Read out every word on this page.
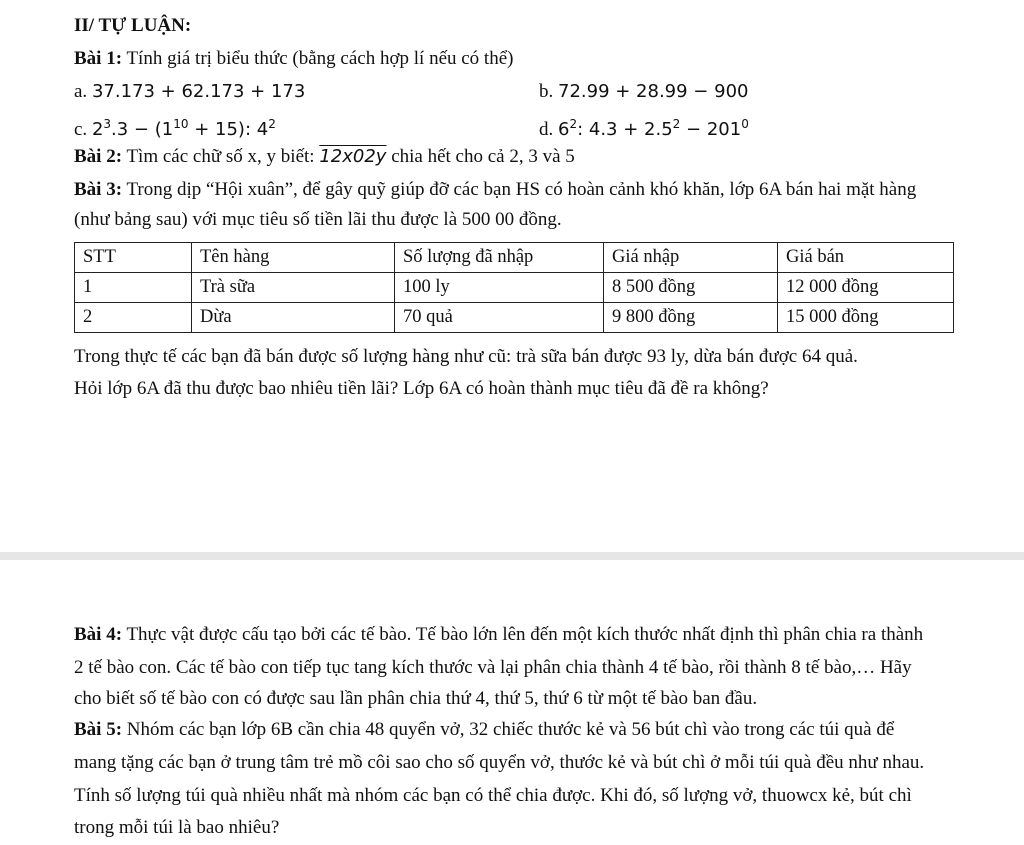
II/ TỰ LUẬN:
Bài 1: Tính giá trị biểu thức (bằng cách hợp lí nếu có thể)
a. 37.173 + 62.173 + 173	b. 72.99 + 28.99 − 900
c. $2^3.3 - (1^{10} + 15)$: $4^2$	d. $6^2$: $4.3 + 2.5^2 - 201^0$
Bài 2: Tìm các chữ số x, y biết: 12x02y chia hết cho cả 2, 3 và 5
Bài 3: Trong dịp “Hội xuân”, để gây quỹ giúp đỡ các bạn HS có hoàn cảnh khó khăn, lớp 6A bán hai mặt hàng
(như bảng sau) với mục tiêu số tiền lãi thu được là 500 00 đồng.
STT	Tên hàng	Số lượng đã nhập	Giá nhập	Giá bán
1	Trà sữa	100 ly	8 500 đồng	12 000 đồng
2	Dừa	70 quả	9 800 đồng	15 000 đồng
Trong thực tế các bạn đã bán được số lượng hàng như cũ: trà sữa bán được 93 ly, dừa bán được 64 quả.
Hỏi lớp 6A đã thu được bao nhiêu tiền lãi? Lớp 6A có hoàn thành mục tiêu đã đề ra không?
Bài 4: Thực vật được cấu tạo bởi các tế bào. Tế bào lớn lên đến một kích thước nhất định thì phân chia ra thành
2 tế bào con. Các tế bào con tiếp tục tang kích thước và lại phân chia thành 4 tế bào, rồi thành 8 tế bào,… Hãy
cho biết số tế bào con có được sau lần phân chia thứ 4, thứ 5, thứ 6 từ một tế bào ban đầu.
Bài 5: Nhóm các bạn lớp 6B cần chia 48 quyển vở, 32 chiếc thước kẻ và 56 bút chì vào trong các túi quà để
mang tặng các bạn ở trung tâm trẻ mồ côi sao cho số quyển vở, thước kẻ và bút chì ở mỗi túi quà đều như nhau.
Tính số lượng túi quà nhiều nhất mà nhóm các bạn có thể chia được. Khi đó, số lượng vở, thuowcx kẻ, bút chì
trong mỗi túi là bao nhiêu?
